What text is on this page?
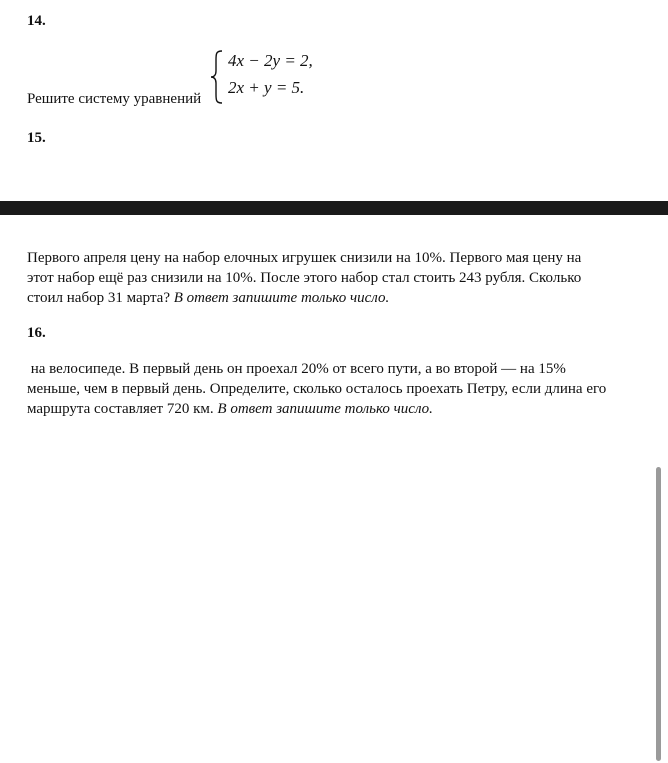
14.
Решите систему уравнений
4x − 2y = 2,
2x + y = 5.
15.
Первого апреля цену на набор елочных игрушек снизили на 10%. Первого мая цену на
этот набор ещё раз снизили на 10%. После этого набор стал стоить 243 рубля. Сколько
стоил набор 31 марта? В ответ запишите только число.
16.
на велосипеде. В первый день он проехал 20% от всего пути, а во второй — на 15%
меньше, чем в первый день. Определите, сколько осталось проехать Петру, если длина его
маршрута составляет 720 км. В ответ запишите только число.
